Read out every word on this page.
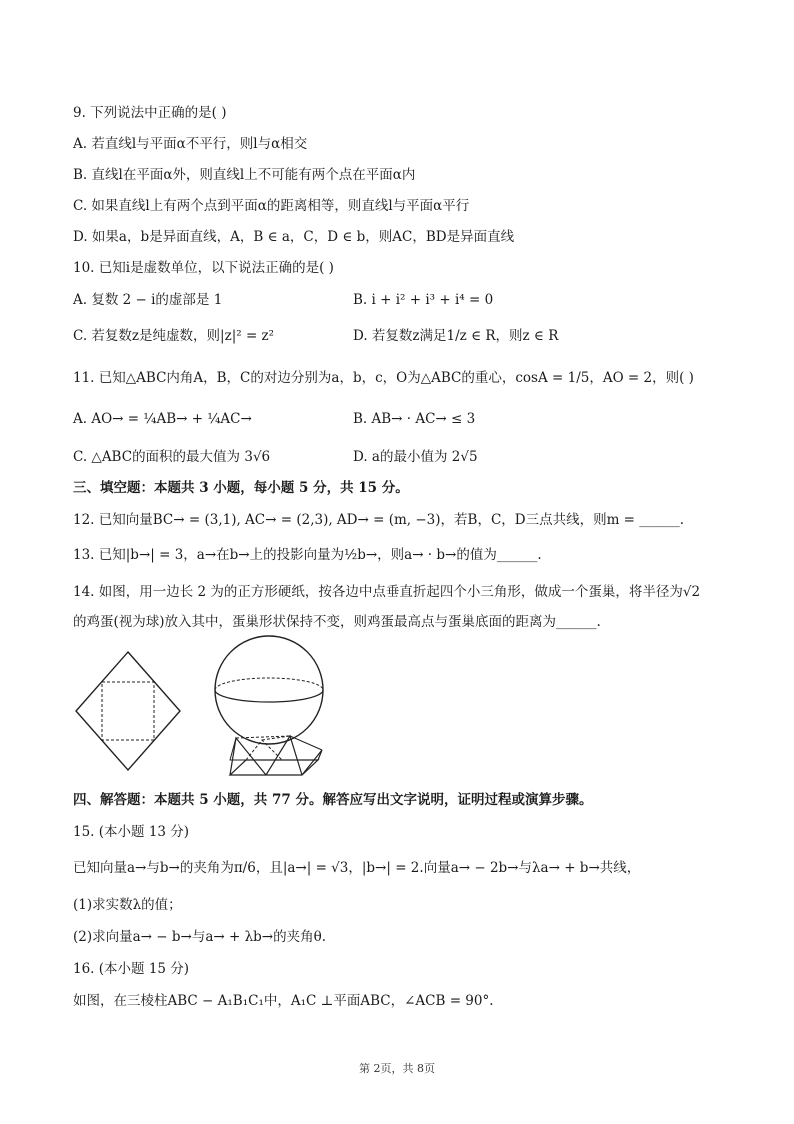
9. 下列说法中正确的是( )
A. 若直线l与平面α不平行，则l与α相交
B. 直线l在平面α外，则直线l上不可能有两个点在平面α内
C. 如果直线l上有两个点到平面α的距离相等，则直线l与平面α平行
D. 如果a，b是异面直线，A，B ∈ a，C，D ∈ b，则AC，BD是异面直线
10. 已知i是虚数单位，以下说法正确的是( )
A. 复数 2 − i的虚部是 1	B. i + i² + i³ + i⁴ = 0
C. 若复数z是纯虚数，则|z|² = z²	D. 若复数z满足1/z ∈ R，则z ∈ R
11. 已知△ABC内角A，B，C的对边分别为a，b，c，O为△ABC的重心，cosA = 1/5，AO = 2，则( )
A. AO→ = ¼AB→ + ¼AC→	B. AB→ · AC→ ≤ 3
C. △ABC的面积的最大值为 3√6	D. a的最小值为 2√5
三、填空题：本题共 3 小题，每小题 5 分，共 15 分。
12. 已知向量BC→ = (3,1), AC→ = (2,3), AD→ = (m, −3)，若B，C，D三点共线，则m = ______.
13. 已知|b→| = 3，a→在b→上的投影向量为½b→，则a→ · b→的值为______.
14. 如图，用一边长 2 为的正方形硬纸，按各边中点垂直折起四个小三角形，做成一个蛋巢，将半径为√2
的鸡蛋(视为球)放入其中，蛋巢形状保持不变，则鸡蛋最高点与蛋巢底面的距离为______.
四、解答题：本题共 5 小题，共 77 分。解答应写出文字说明，证明过程或演算步骤。
15. (本小题 13 分)
已知向量a→与b→的夹角为π/6，且|a→| = √3，|b→| = 2.向量a→ − 2b→与λa→ + b→共线，
(1)求实数λ的值；
(2)求向量a→ − b→与a→ + λb→的夹角θ.
16. (本小题 15 分)
如图，在三棱柱ABC − A₁B₁C₁中，A₁C ⊥平面ABC，∠ACB = 90°.
第 2页，共 8页
